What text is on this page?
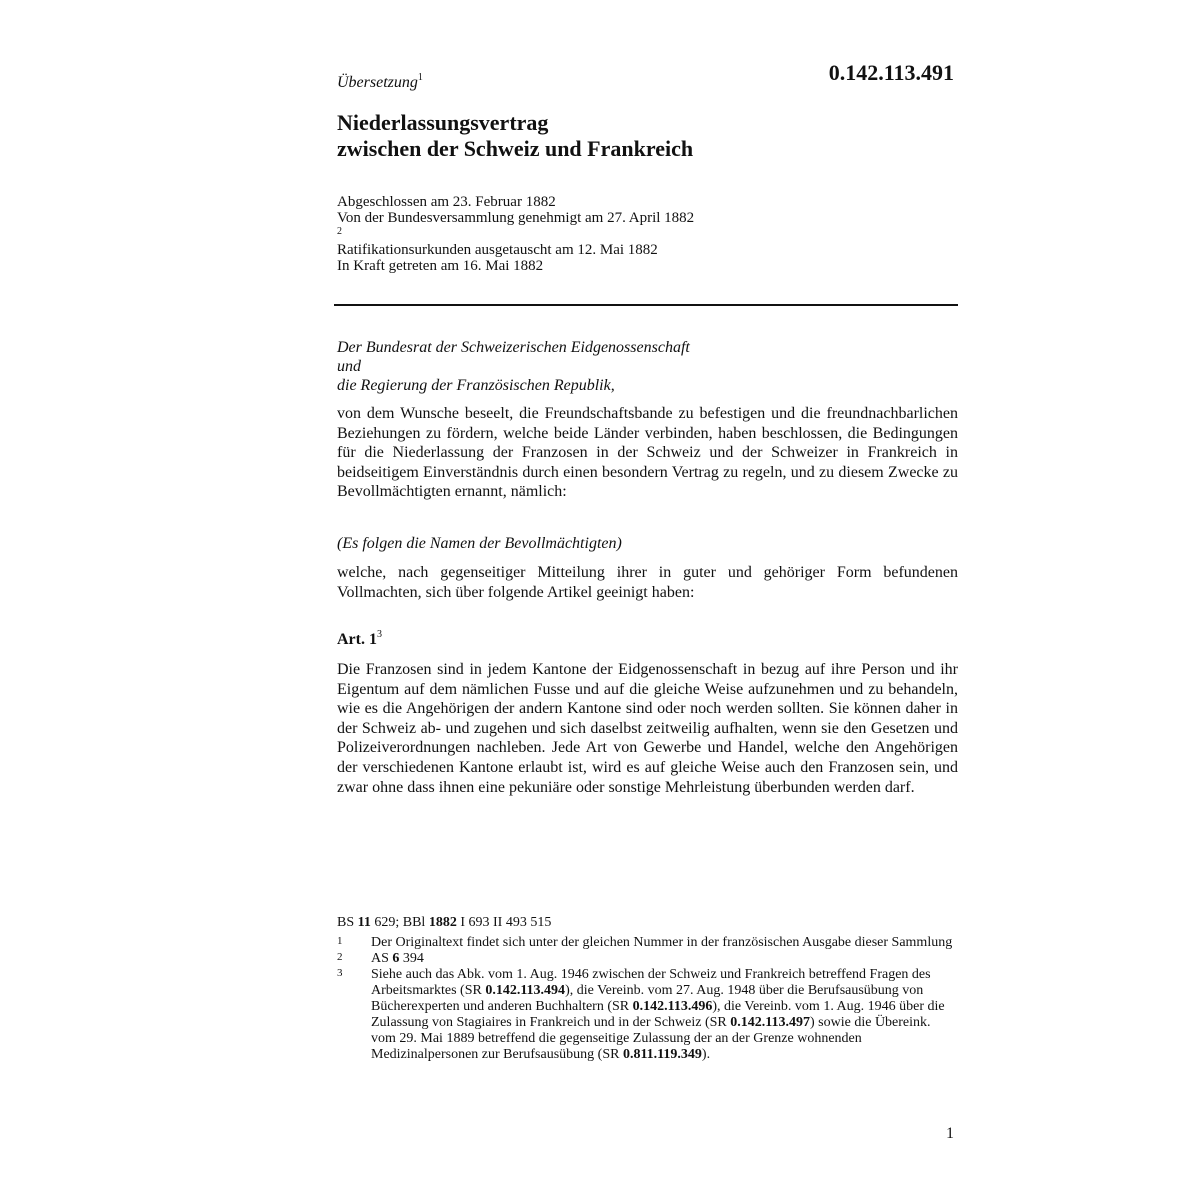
0.142.113.491

Übersetzung$^1$

Niederlassungsvertrag
zwischen der Schweiz und Frankreich

Abgeschlossen am 23. Februar 1882
Von der Bundesversammlung genehmigt am 27. April 1882
$^2$
Ratifikationsurkunden ausgetauscht am 12. Mai 1882
In Kraft getreten am 16. Mai 1882

Der Bundesrat der Schweizerischen Eidgenossenschaft
und
die Regierung der Französischen Republik,

von dem Wunsche beseelt, die Freundschaftsbande zu befestigen und die freundnachbarlichen Beziehungen zu fördern, welche beide Länder verbinden, haben beschlossen, die Bedingungen für die Niederlassung der Franzosen in der Schweiz und der Schweizer in Frankreich in beidseitigem Einverständnis durch einen besondern Vertrag zu regeln, und zu diesem Zwecke zu Bevollmächtigten ernannt, nämlich:

(Es folgen die Namen der Bevollmächtigten)

welche, nach gegenseitiger Mitteilung ihrer in guter und gehöriger Form befundenen Vollmachten, sich über folgende Artikel geeinigt haben:

Art. $1^3$

Die Franzosen sind in jedem Kantone der Eidgenossenschaft in bezug auf ihre Person und ihr Eigentum auf dem nämlichen Fusse und auf die gleiche Weise aufzunehmen und zu behandeln, wie es die Angehörigen der andern Kantone sind oder noch werden sollten. Sie können daher in der Schweiz ab- und zugehen und sich daselbst zeitweilig aufhalten, wenn sie den Gesetzen und Polizeiverordnungen nachleben. Jede Art von Gewerbe und Handel, welche den Angehörigen der verschiedenen Kantone erlaubt ist, wird es auf gleiche Weise auch den Franzosen sein, und zwar ohne dass ihnen eine pekuniäre oder sonstige Mehrleistung überbunden werden darf.

BS 11 629; BBl 1882 I 693 II 493 515

1 Der Originaltext findet sich unter der gleichen Nummer in der französischen Ausgabe dieser Sammlung

2 AS 6 394

3 Siehe auch das Abk. vom 1. Aug. 1946 zwischen der Schweiz und Frankreich betreffend Fragen des Arbeitsmarktes (SR 0.142.113.494), die Vereinb. vom 27. Aug. 1948 über die Berufsausübung von Bücherexperten und anderen Buchhaltern (SR 0.142.113.496), die Vereinb. vom 1. Aug. 1946 über die Zulassung von Stagiaires in Frankreich und in der Schweiz (SR 0.142.113.497) sowie die Übereink. vom 29. Mai 1889 betreffend die gegenseitige Zulassung der an der Grenze wohnenden Medizinalpersonen zur Berufsausübung (SR 0.811.119.349).

1
